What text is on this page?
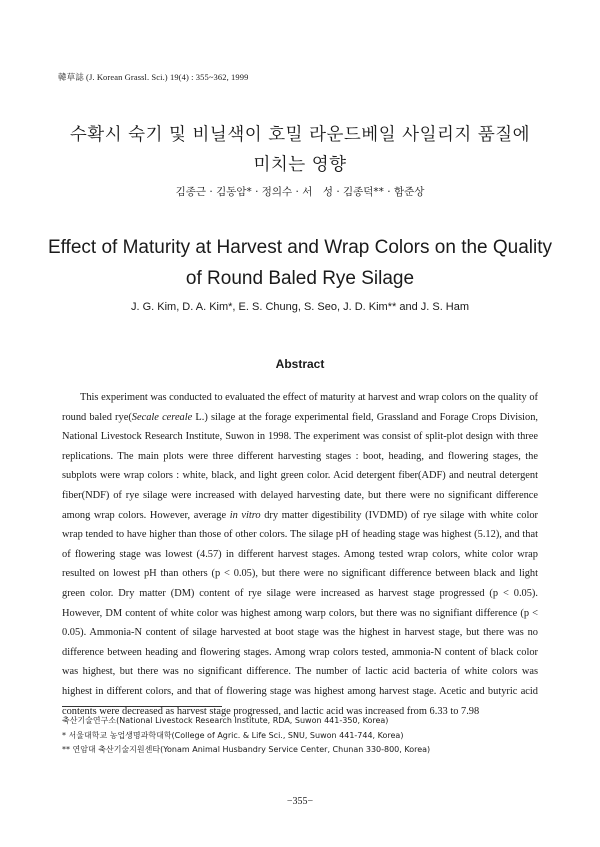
韓草誌 (J. Korean Grassl. Sci.) 19(4) : 355~362, 1999
수확시 숙기 및 비닐색이 호밀 라운드베일 사일리지 품질에
미치는 영향
김종근 · 김동암* · 정의수 · 서　성 · 김종덕** · 함준상
Effect of Maturity at Harvest and Wrap Colors on the Quality
of Round Baled Rye Silage
J. G. Kim, D. A. Kim*, E. S. Chung, S. Seo, J. D. Kim** and J. S. Ham
Abstract

This experiment was conducted to evaluated the effect of maturity at harvest and wrap colors on the quality of round baled rye(Secale cereale L.) silage at the forage experimental field, Grassland and Forage Crops Division, National Livestock Research Institute, Suwon in 1998. The experiment was consist of split-plot design with three replications. The main plots were three different harvesting stages : boot, heading, and flowering stages, the subplots were wrap colors : white, black, and light green color. Acid detergent fiber(ADF) and neutral detergent fiber(NDF) of rye silage were increased with delayed harvesting date, but there were no significant difference among wrap colors. However, average in vitro dry matter digestibility (IVDMD) of rye silage with white color wrap tended to have higher than those of other colors. The silage pH of heading stage was highest (5.12), and that of flowering stage was lowest (4.57) in different harvest stages. Among tested wrap colors, white color wrap resulted on lowest pH than others (p < 0.05), but there were no significant difference between black and light green color. Dry matter (DM) content of rye silage were increased as harvest stage progressed (p < 0.05). However, DM content of white color was highest among warp colors, but there was no signifiant difference (p < 0.05). Ammonia-N content of silage harvested at boot stage was the highest in harvest stage, but there was no difference between heading and flowering stages. Among wrap colors tested, ammonia-N content of black color was highest, but there was no significant difference. The number of lactic acid bacteria of white colors was highest in different colors, and that of flowering stage was highest among harvest stage. Acetic and butyric acid contents were decreased as harvest stage progressed, and lactic acid was increased from 6.33 to 7.98

축산기술연구소(National Livestock Research Institute, RDA, Suwon 441-350, Korea)
* 서울대학교 농업생명과학대학(College of Agric. & Life Sci., SNU, Suwon 441-744, Korea)
** 연암대 축산기술지원센타(Yonam Animal Husbandry Service Center, Chunan 330-800, Korea)
−355−
